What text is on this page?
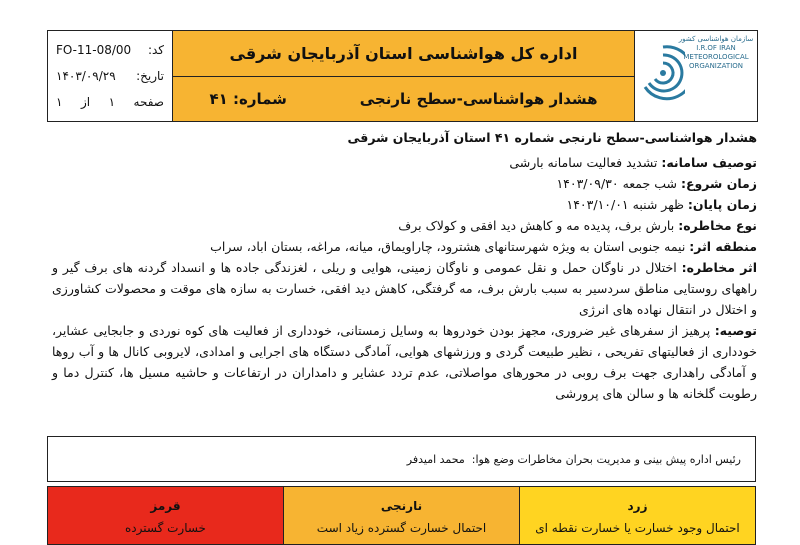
کد:
FO-11-08/00
تاریخ:
۱۴۰۳/۰۹/۲۹
صفحه
۱
از
۱
اداره کل هواشناسی استان آذربایجان شرقی
هشدار هواشناسی-سطح نارنجی
شماره: ۴۱
سازمان هواشناسی کشور
I.R.OF IRAN METEOROLOGICAL ORGANIZATION

هشدار هواشناسی-سطح نارنجی شماره ۴۱ استان آذربایجان شرقی

توصیف سامانه: تشدید فعالیت سامانه بارشی

زمان شروع: شب جمعه ۱۴۰۳/۰۹/۳۰

زمان پایان: ظهر شنبه ۱۴۰۳/۱۰/۰۱

نوع مخاطره: بارش برف، پدیده مه و کاهش دید افقی و کولاک برف

منطقه اثر: نیمه جنوبی استان به ویژه شهرستانهای هشترود، چاراویماق، میانه، مراغه، بستان اباد، سراب

اثر مخاطره: اختلال در ناوگان حمل و نقل عمومی و ناوگان زمینی، هوایی و ریلی ، لغزندگی جاده ها و انسداد گردنه های برف گیر و راههای روستایی مناطق سردسیر به سبب بارش برف، مه گرفتگی، کاهش دید افقی، خسارت به سازه های موقت و محصولات کشاورزی و اختلال در انتقال نهاده های انرژی

توصیه: پرهیز از سفرهای غیر ضروری، مجهز بودن خودروها به وسایل زمستانی، خودداری از فعالیت های کوه نوردی و جابجایی عشایر، خودداری از فعالیتهای تفریحی ، نظیر طبیعت گردی و ورزشهای هوایی، آمادگی دستگاه های اجرایی و امدادی، لایروبی کانال ها و آب روها و آمادگی راهداری جهت برف روبی در محورهای مواصلاتی، عدم تردد عشایر و دامداران در ارتفاعات و حاشیه مسیل ها، کنترل دما و رطوبت گلخانه ها و سالن های پرورشی

رئیس اداره پیش بینی و مدیریت بحران مخاطرات وضع هوا:

محمد امیدفر
قرمز
خسارت گسترده
نارنجی
احتمال خسارت گسترده زیاد است
زرد
احتمال وجود خسارت یا خسارت نقطه ای
